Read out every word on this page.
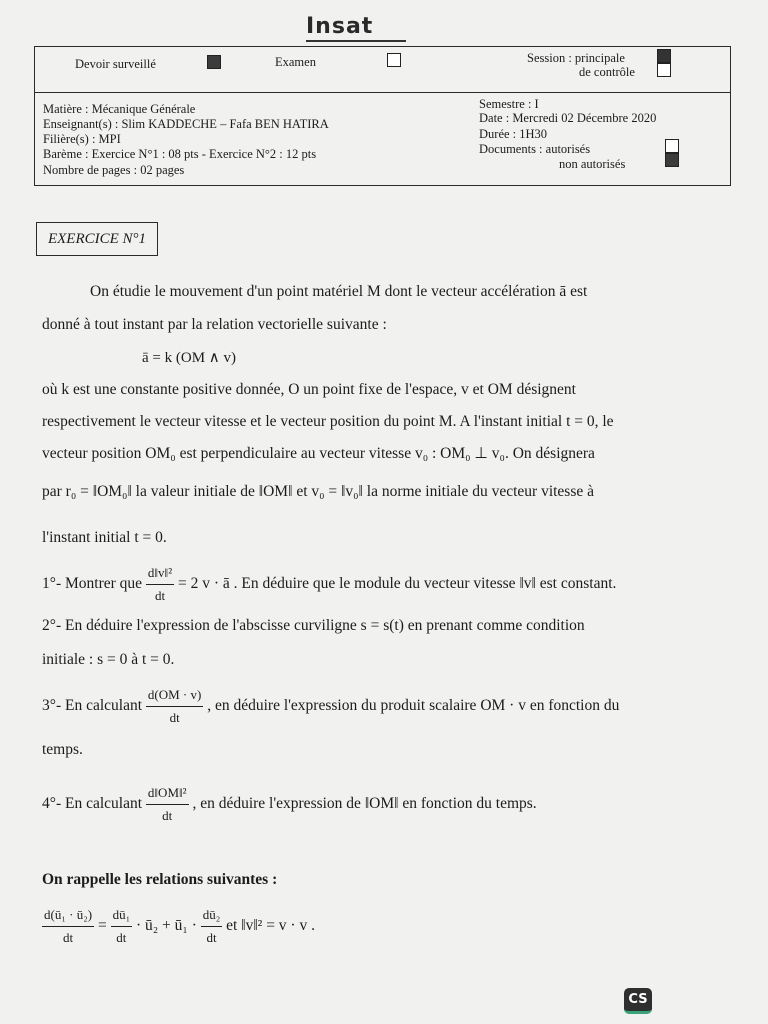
Insat
Devoir surveillé	Examen	Session : principale
de contrôle
Matière : Mécanique Générale
Enseignant(s) : Slim KADDECHE – Fafa BEN HATIRA
Filière(s) : MPI
Barème : Exercice N°1 : 08 pts - Exercice N°2 : 12 pts
Nombre de pages : 02 pages
Semestre : I
Date : Mercredi 02 Décembre 2020
Durée : 1H30
Documents : autorisés
non autorisés
EXERCICE N°1
On étudie le mouvement d'un point matériel M dont le vecteur accélération ā est
donné à tout instant par la relation vectorielle suivante :
ā = k (OM ∧ v)
où k est une constante positive donnée, O un point fixe de l'espace, v et OM désignent
respectivement le vecteur vitesse et le vecteur position du point M. A l'instant initial t = 0, le
vecteur position OM₀ est perpendiculaire au vecteur vitesse v₀ : OM₀ ⊥ v₀. On désignera
par r₀ = ‖OM₀‖ la valeur initiale de ‖OM‖ et v₀ = ‖v₀‖ la norme initiale du vecteur vitesse à
l'instant initial t = 0.
1°- Montrer que $\frac{\text{d‖v‖²}}{dt} = 2$ v · ā . En déduire que le module du vecteur vitesse ‖v‖ est constant.
2°- En déduire l'expression de l'abscisse curviligne s = s(t) en prenant comme condition
initiale : s = 0 à t = 0.
3°- En calculant $\frac{d(OM \cdot v)}{dt}$ , en déduire l'expression du produit scalaire OM · v en fonction du
temps.
4°- En calculant $\frac{\text{d‖OM‖²}}{dt}$ , en déduire l'expression de ‖OM‖ en fonction du temps.
On rappelle les relations suivantes :
$\frac{\text{d(ū₁ · ū₂)}}{dt} = \frac{\text{dū₁}}{dt}$ · ū₂ + ū₁ · $\frac{\text{dū₂}}{dt}$ et ‖v‖² = v · v .
CS
